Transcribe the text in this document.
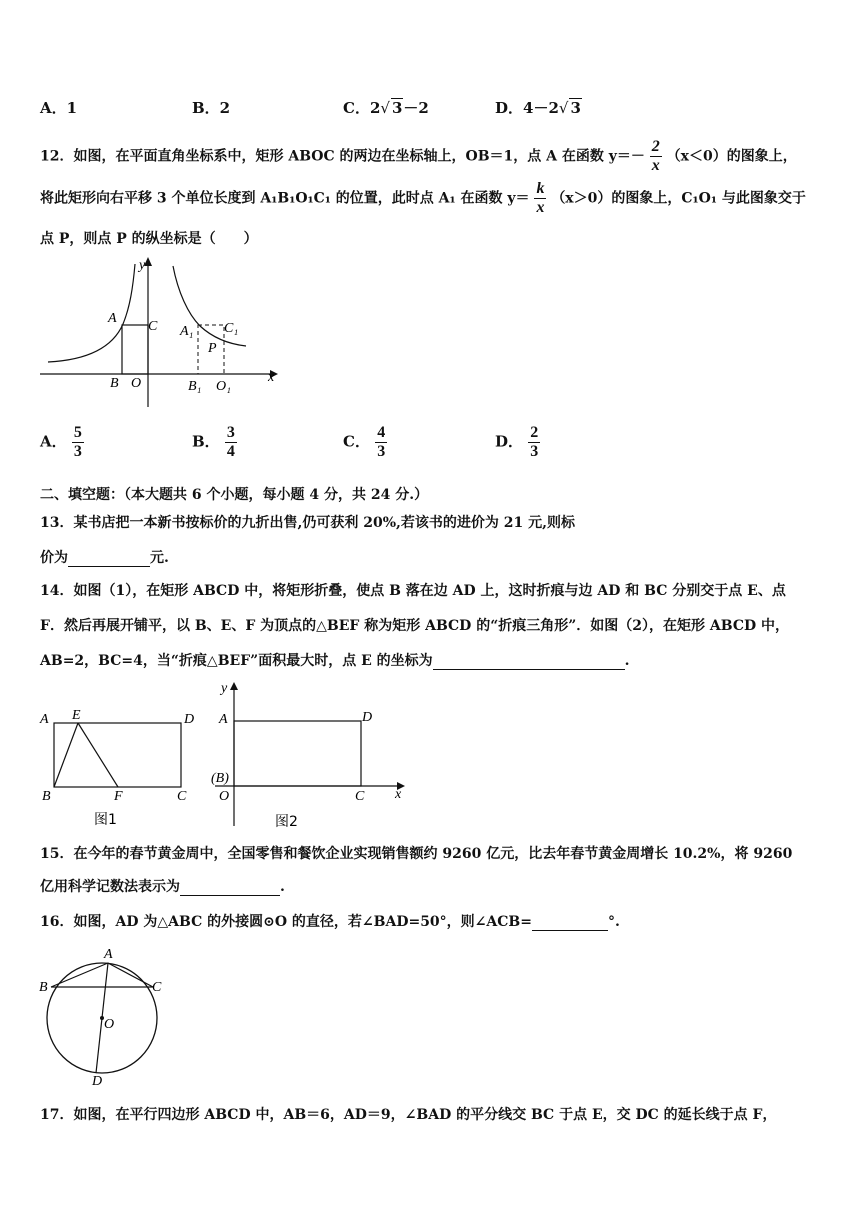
A．1	B．2	C．2√ 3－2	D．4－2√ 3
12．如图，在平面直角坐标系中，矩形 ABOC 的两边在坐标轴上，OB＝1，点 A 在函数 $y=- \frac{2}{x} (x<0)$的图象上，
将此矩形向右平移 3 个单位长度到 A₁B₁O₁C₁ 的位置，此时点 A₁ 在函数 $y= \frac{k}{x} (x>0)$的图象上，C₁O₁ 与此图象交于
点 P，则点 P 的纵坐标是（　　）
y
x
A
C
B O
A₁ C₁
P
B₁ O₁
A． $\frac{5}{3}$	B． $\frac{3}{4}$	C． $\frac{4}{3}$	D． $\frac{2}{3}$
二、填空题：（本大题共 6 个小题，每小题 4 分，共 24 分.）
13．某书店把一本新书按标价的九折出售,仍可获利 20%,若该书的进价为 21 元,则标
价为	元.
14．如图（1），在矩形 ABCD 中，将矩形折叠，使点 B 落在边 AD 上，这时折痕与边 AD 和 BC 分别交于点 E、点
F．然后再展开铺平，以 B、E、F 为顶点的△BEF 称为矩形 ABCD 的“折痕三角形”．如图（2），在矩形 ABCD 中，
AB=2，BC=4，当“折痕△BEF”面积最大时，点 E 的坐标为	.
A E	D
B	F	C
图1
y
A	D
(B)
O	C x
图2
15．在今年的春节黄金周中，全国零售和餐饮企业实现销售额约 9260 亿元，比去年春节黄金周增长 10.2%，将 9260
亿用科学记数法表示为	.
16．如图，AD 为△ABC 的外接圆⊙O 的直径，若∠BAD=50°，则∠ACB=	°.
A
B	C
O
D
17．如图，在平行四边形 ABCD 中，AB＝6，AD＝9，∠BAD 的平分线交 BC 于点 E，交 DC 的延长线于点 F，
